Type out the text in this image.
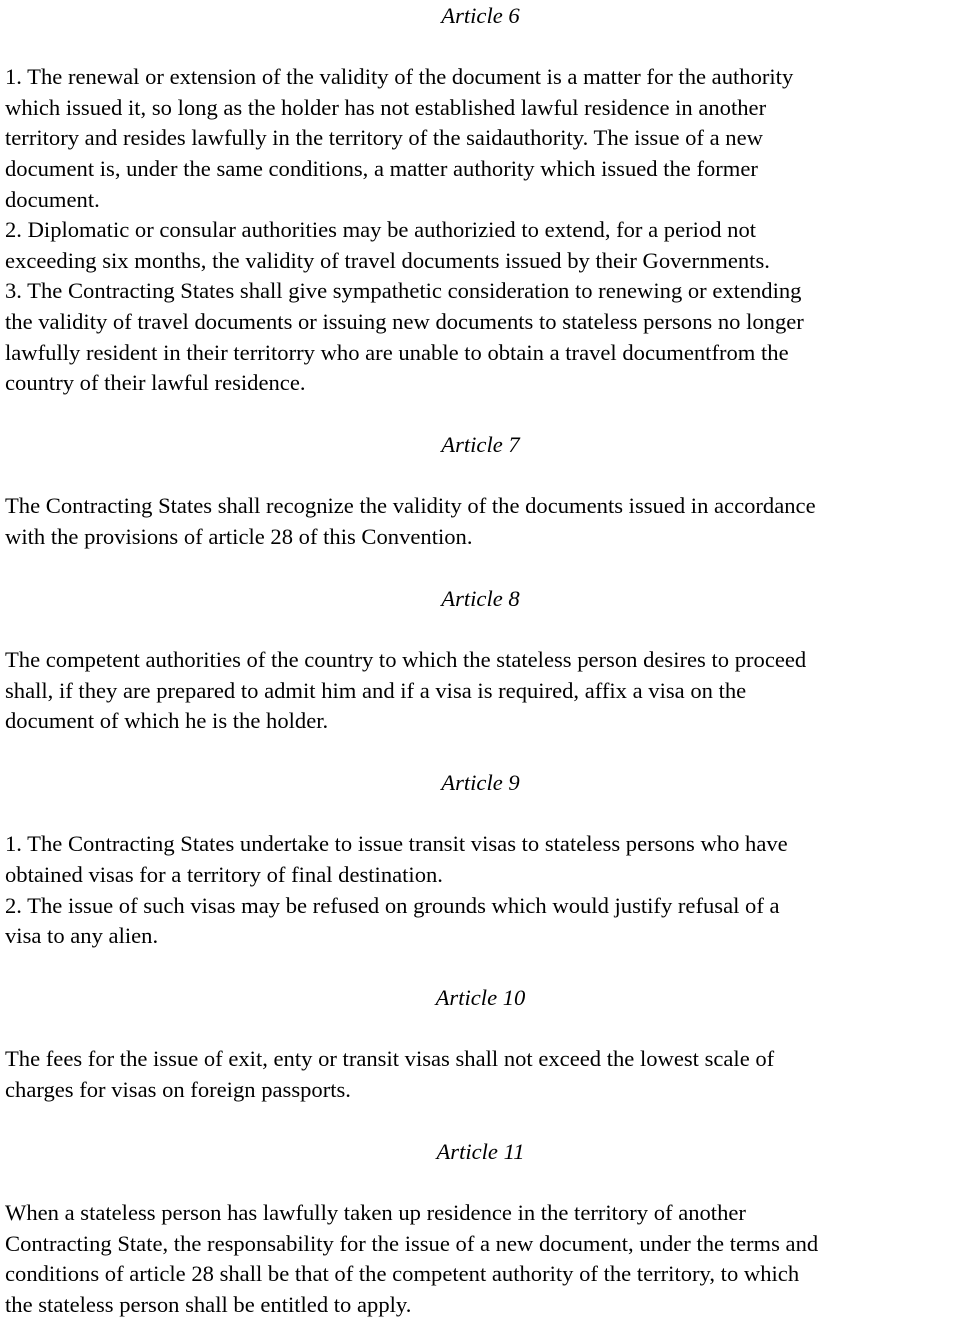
Article 6

1. The renewal or extension of the validity of the document is a matter for the authority
which issued it, so long as the holder has not established lawful residence in another
territory and resides lawfully in the territory of the saidauthority. The issue of a new
document is, under the same conditions, a matter authority which issued the former
document.

2. Diplomatic or consular authorities may be authorizied to extend, for a period not
exceeding six months, the validity of travel documents issued by their Governments.

3. The Contracting States shall give sympathetic consideration to renewing or extending
the validity of travel documents or issuing new documents to stateless persons no longer
lawfully resident in their territorry who are unable to obtain a travel documentfrom the
country of their lawful residence.

Article 7

The Contracting States shall recognize the validity of the documents issued in accordance
with the provisions of article 28 of this Convention.

Article 8

The competent authorities of the country to which the stateless person desires to proceed
shall, if they are prepared to admit him and if a visa is required, affix a visa on the
document of which he is the holder.

Article 9

1. The Contracting States undertake to issue transit visas to stateless persons who have
obtained visas for a territory of final destination.

2. The issue of such visas may be refused on grounds which would justify refusal of a
visa to any alien.

Article 10

The fees for the issue of exit, enty or transit visas shall not exceed the lowest scale of
charges for visas on foreign passports.

Article 11

When a stateless person has lawfully taken up residence in the territory of another
Contracting State, the responsability for the issue of a new document, under the terms and
conditions of article 28 shall be that of the competent authority of the territory, to which
the stateless person shall be entitled to apply.
